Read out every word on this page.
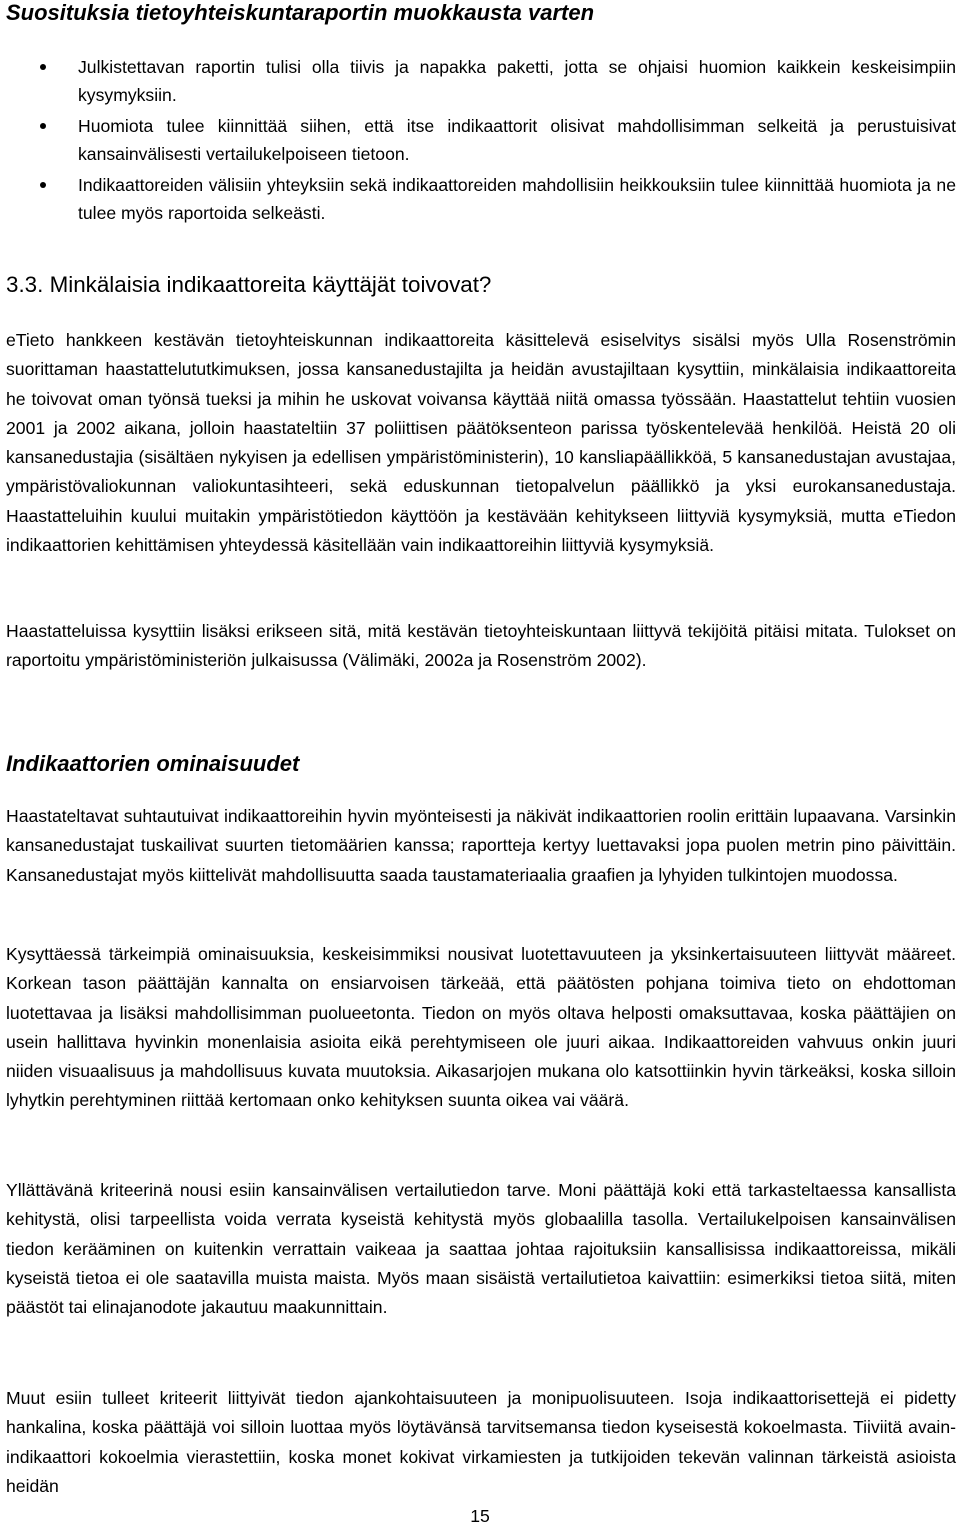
Suosituksia tietoyhteiskuntaraportin muokkausta varten
Julkistettavan raportin tulisi olla tiivis ja napakka paketti, jotta se ohjaisi huomion kaikkein keskeisimpiin kysymyksiin.
Huomiota tulee kiinnittää siihen, että itse indikaattorit olisivat mahdollisimman selkeitä ja perustuisivat kansainvälisesti vertailukelpoiseen tietoon.
Indikaattoreiden välisiin yhteyksiin sekä indikaattoreiden mahdollisiin heikkouksiin tulee kiinnittää huomiota ja ne tulee myös raportoida selkeästi.
3.3. Minkälaisia indikaattoreita käyttäjät toivovat?

eTieto hankkeen kestävän tietoyhteiskunnan indikaattoreita käsittelevä esiselvitys sisälsi myös Ulla Rosenströmin suorittaman haastattelututkimuksen, jossa kansanedustajilta ja heidän avustajiltaan kysyttiin, minkälaisia indikaattoreita he toivovat oman työnsä tueksi ja mihin he uskovat voivansa käyttää niitä omassa työssään. Haastattelut tehtiin vuosien 2001 ja 2002 aikana, jolloin haastateltiin 37 poliittisen päätöksenteon parissa työskentelevää henkilöä. Heistä 20 oli kansanedustajia (sisältäen nykyisen ja edellisen ympäristöministerin), 10 kansliapäällikköä, 5 kansanedustajan avustajaa, ympäristövaliokunnan valiokuntasihteeri, sekä eduskunnan tietopalvelun päällikkö ja yksi eurokansanedustaja. Haastatteluihin kuului muitakin ympäristötiedon käyttöön ja kestävään kehitykseen liittyviä kysymyksiä, mutta eTiedon indikaattorien kehittämisen yhteydessä käsitellään vain indikaattoreihin liittyviä kysymyksiä.

Haastatteluissa kysyttiin lisäksi erikseen sitä, mitä kestävän tietoyhteiskuntaan liittyvä tekijöitä pitäisi mitata. Tulokset on raportoitu ympäristöministeriön julkaisussa (Välimäki, 2002a ja Rosenström 2002).

Indikaattorien ominaisuudet

Haastateltavat suhtautuivat indikaattoreihin hyvin myönteisesti ja näkivät indikaattorien roolin erittäin lupaavana. Varsinkin kansanedustajat tuskailivat suurten tietomäärien kanssa; raportteja kertyy luettavaksi jopa puolen metrin pino päivittäin. Kansanedustajat myös kiittelivät mahdollisuutta saada taustamateriaalia graafien ja lyhyiden tulkintojen muodossa.

Kysyttäessä tärkeimpiä ominaisuuksia, keskeisimmiksi nousivat luotettavuuteen ja yksinkertaisuuteen liittyvät määreet. Korkean tason päättäjän kannalta on ensiarvoisen tärkeää, että päätösten pohjana toimiva tieto on ehdottoman luotettavaa ja lisäksi mahdollisimman puolueetonta. Tiedon on myös oltava helposti omaksuttavaa, koska päättäjien on usein hallittava hyvinkin monenlaisia asioita eikä perehtymiseen ole juuri aikaa. Indikaattoreiden vahvuus onkin juuri niiden visuaalisuus ja mahdollisuus kuvata muutoksia. Aikasarjojen mukana olo katsottiinkin hyvin tärkeäksi, koska silloin lyhytkin perehtyminen riittää kertomaan onko kehityksen suunta oikea vai väärä.

Yllättävänä kriteerinä nousi esiin kansainvälisen vertailutiedon tarve. Moni päättäjä koki että tarkasteltaessa kansallista kehitystä, olisi tarpeellista voida verrata kyseistä kehitystä myös globaalilla tasolla. Vertailukelpoisen kansainvälisen tiedon kerääminen on kuitenkin verrattain vaikeaa ja saattaa johtaa rajoituksiin kansallisissa indikaattoreissa, mikäli kyseistä tietoa ei ole saatavilla muista maista. Myös maan sisäistä vertailutietoa kaivattiin: esimerkiksi tietoa siitä, miten päästöt tai elinajanodote jakautuu maakunnittain.

Muut esiin tulleet kriteerit liittyivät tiedon ajankohtaisuuteen ja monipuolisuuteen. Isoja indikaattorisettejä ei pidetty hankalina, koska päättäjä voi silloin luottaa myös löytävänsä tarvitsemansa tiedon kyseisestä kokoelmasta. Tiiviitä avain-indikaattori kokoelmia vierastettiin, koska monet kokivat virkamiesten ja tutkijoiden tekevän valinnan tärkeistä asioista heidän

15
